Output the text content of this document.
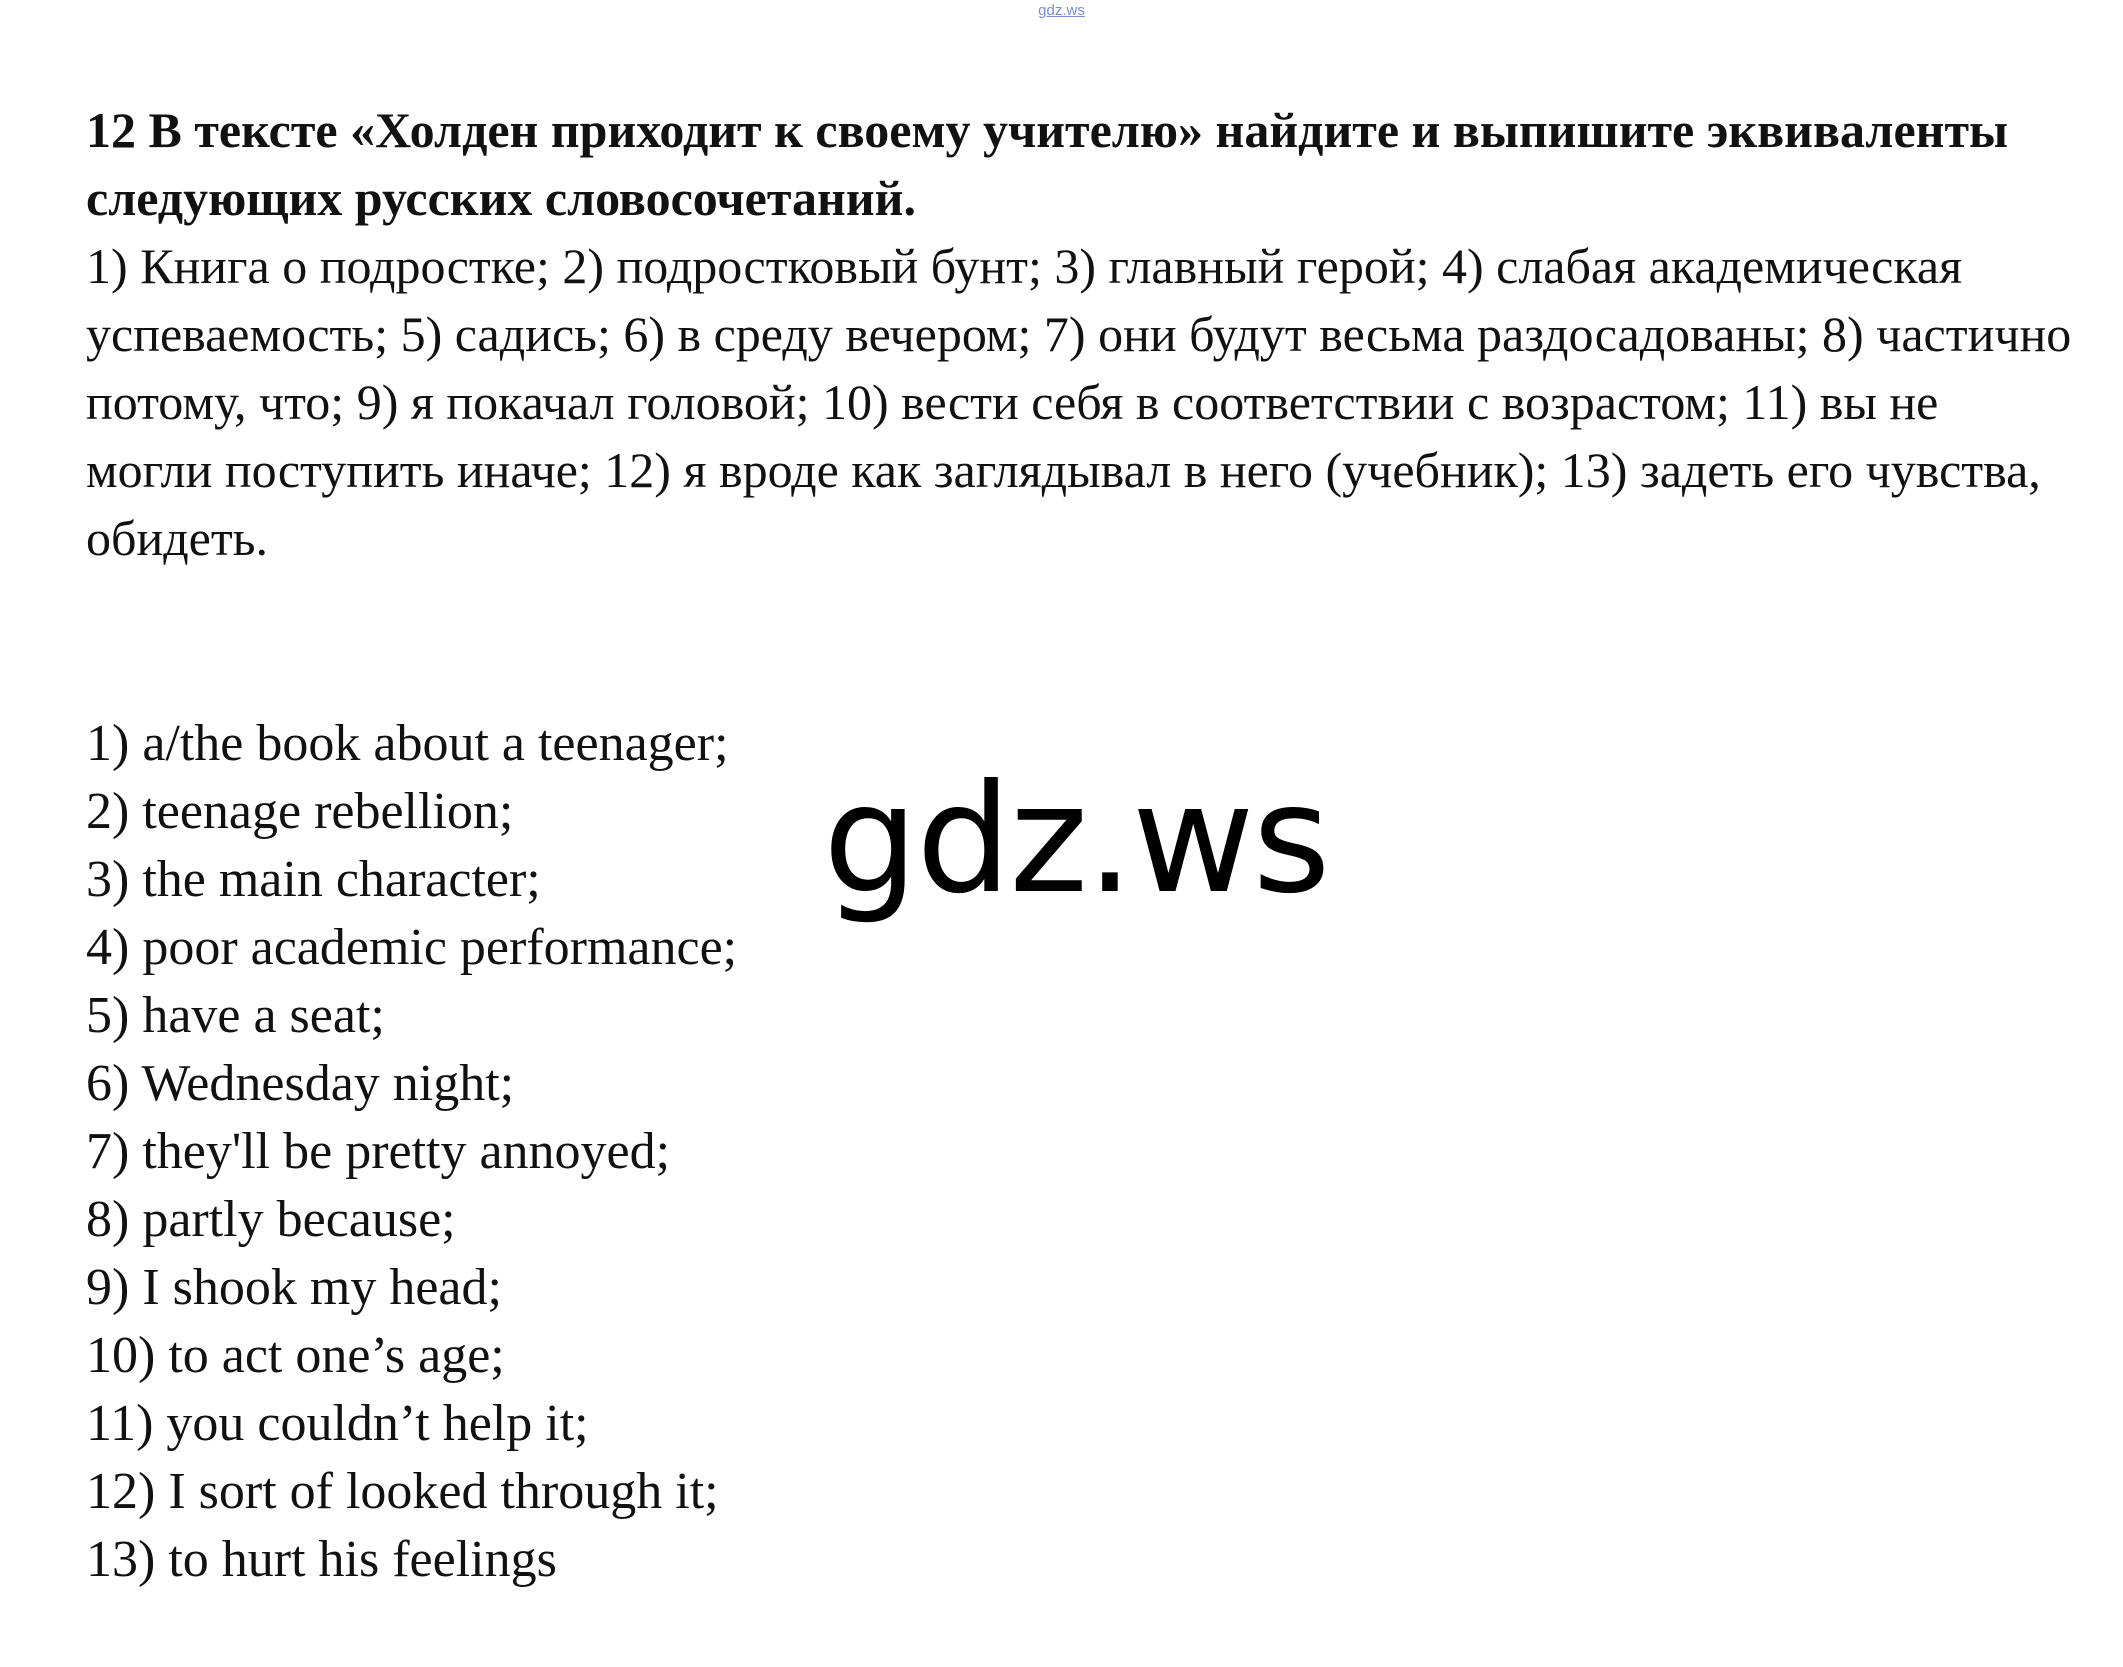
gdz.ws

12 В тексте «Холден приходит к своему учителю» найдите и выпишите эквиваленты следующих русских словосочетаний.

1) Книга о подростке; 2) подростковый бунт; 3) главный герой; 4) слабая академическая успеваемость; 5) садись; 6) в среду вечером; 7) они будут весьма раздосадованы; 8) частично потому, что; 9) я покачал головой; 10) вести себя в соответствии с возрастом; 11) вы не могли поступить иначе; 12) я вроде как заглядывал в него (учебник); 13) задеть его чувства, обидеть.

1) a/the book about a teenager;
2) teenage rebellion;
3) the main character;
4) poor academic performance;
5) have a seat;
6) Wednesday night;
7) they'll be pretty annoyed;
8) partly because;
9) I shook my head;
10) to act one’s age;
11) you couldn’t help it;
12) I sort of looked through it;
13) to hurt his feelings
gdz.ws
